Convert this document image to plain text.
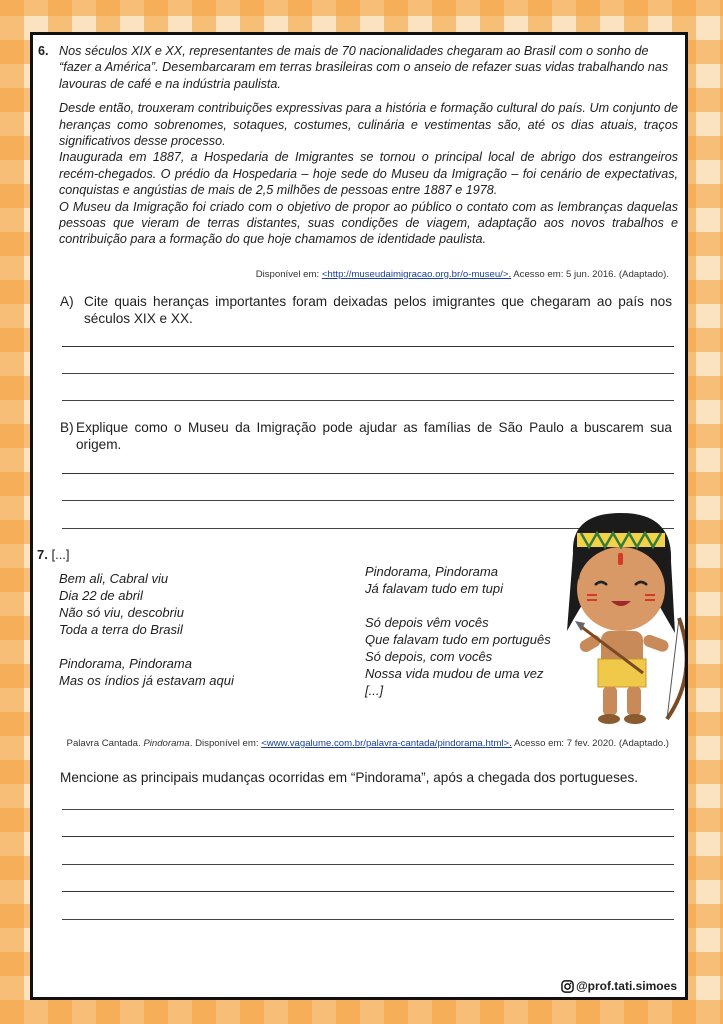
6. Nos séculos XIX e XX, representantes de mais de 70 nacionalidades chegaram ao Brasil com o sonho de “fazer a América”. Desembarcaram em terras brasileiras com o anseio de refazer suas vidas trabalhando nas lavouras de café e na indústria paulista.

Desde então, trouxeram contribuições expressivas para a história e formação cultural do país. Um conjunto de heranças como sobrenomes, sotaques, costumes, culinária e vestimentas são, até os dias atuais, traços significativos desse processo.

Inaugurada em 1887, a Hospedaria de Imigrantes se tornou o principal local de abrigo dos estrangeiros recém-chegados. O prédio da Hospedaria – hoje sede do Museu da Imigração – foi cenário de expectativas, conquistas e angústias de mais de 2,5 milhões de pessoas entre 1887 e 1978.

O Museu da Imigração foi criado com o objetivo de propor ao público o contato com as lembranças daquelas pessoas que vieram de terras distantes, suas condições de viagem, adaptação aos novos trabalhos e contribuição para a formação do que hoje chamamos de identidade paulista.

Disponível em: <http://museudaimigracao.org.br/o-museu/>. Acesso em: 5 jun. 2016. (Adaptado).
A) Cite quais heranças importantes foram deixadas pelos imigrantes que chegaram ao país nos séculos XIX e XX.
B) Explique como o Museu da Imigração pode ajudar as famílias de São Paulo a buscarem sua origem.
7. [...]
Bem ali, Cabral viu
Dia 22 de abril
Não só viu, descobriu
Toda a terra do Brasil
Pindorama, Pindorama
Mas os índios já estavam aqui
Pindorama, Pindorama
Já falavam tudo em tupi
Só depois vêm vocês
Que falavam tudo em português
Só depois, com vocês
Nossa vida mudou de uma vez
[...]
Palavra Cantada. Pindorama. Disponível em: <www.vagalume.com.br/palavra-cantada/pindorama.html>. Acesso em: 7 fev. 2020. (Adaptado.)
Mencione as principais mudanças ocorridas em “Pindorama”, após a chegada dos portugueses.
@prof.tati.simoes
